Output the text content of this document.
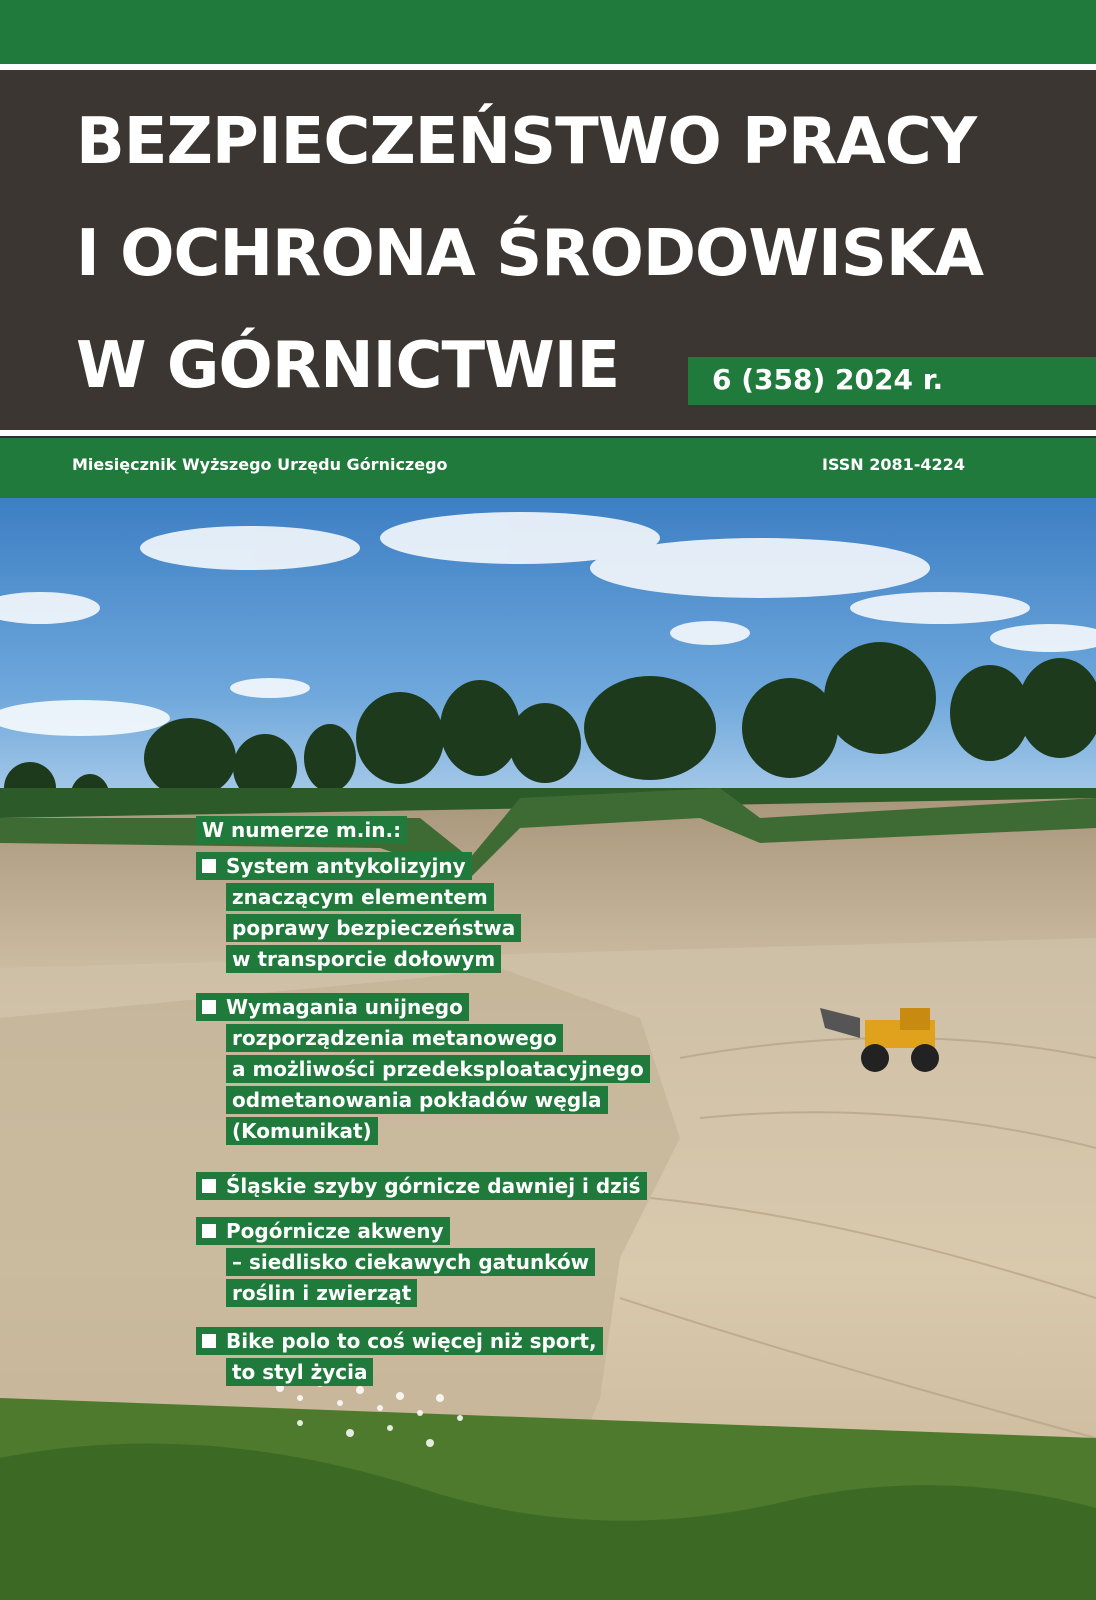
BEZPIECZEŃSTWO PRACY
I OCHRONA ŚRODOWISKA
W GÓRNICTWIE	6 (358) 2024 r.
Miesięcznik Wyższego Urzędu Górniczego	ISSN 2081-4224
W numerze m.in.:
System antykolizyjny
znaczącym elementem
poprawy bezpieczeństwa
w transporcie dołowym
Wymagania unijnego
rozporządzenia metanowego
a możliwości przedeksploatacyjnego
odmetanowania pokładów węgla
(Komunikat)
Śląskie szyby górnicze dawniej i dziś
Pogórnicze akweny
– siedlisko ciekawych gatunków
roślin i zwierząt
Bike polo to coś więcej niż sport,
to styl życia
